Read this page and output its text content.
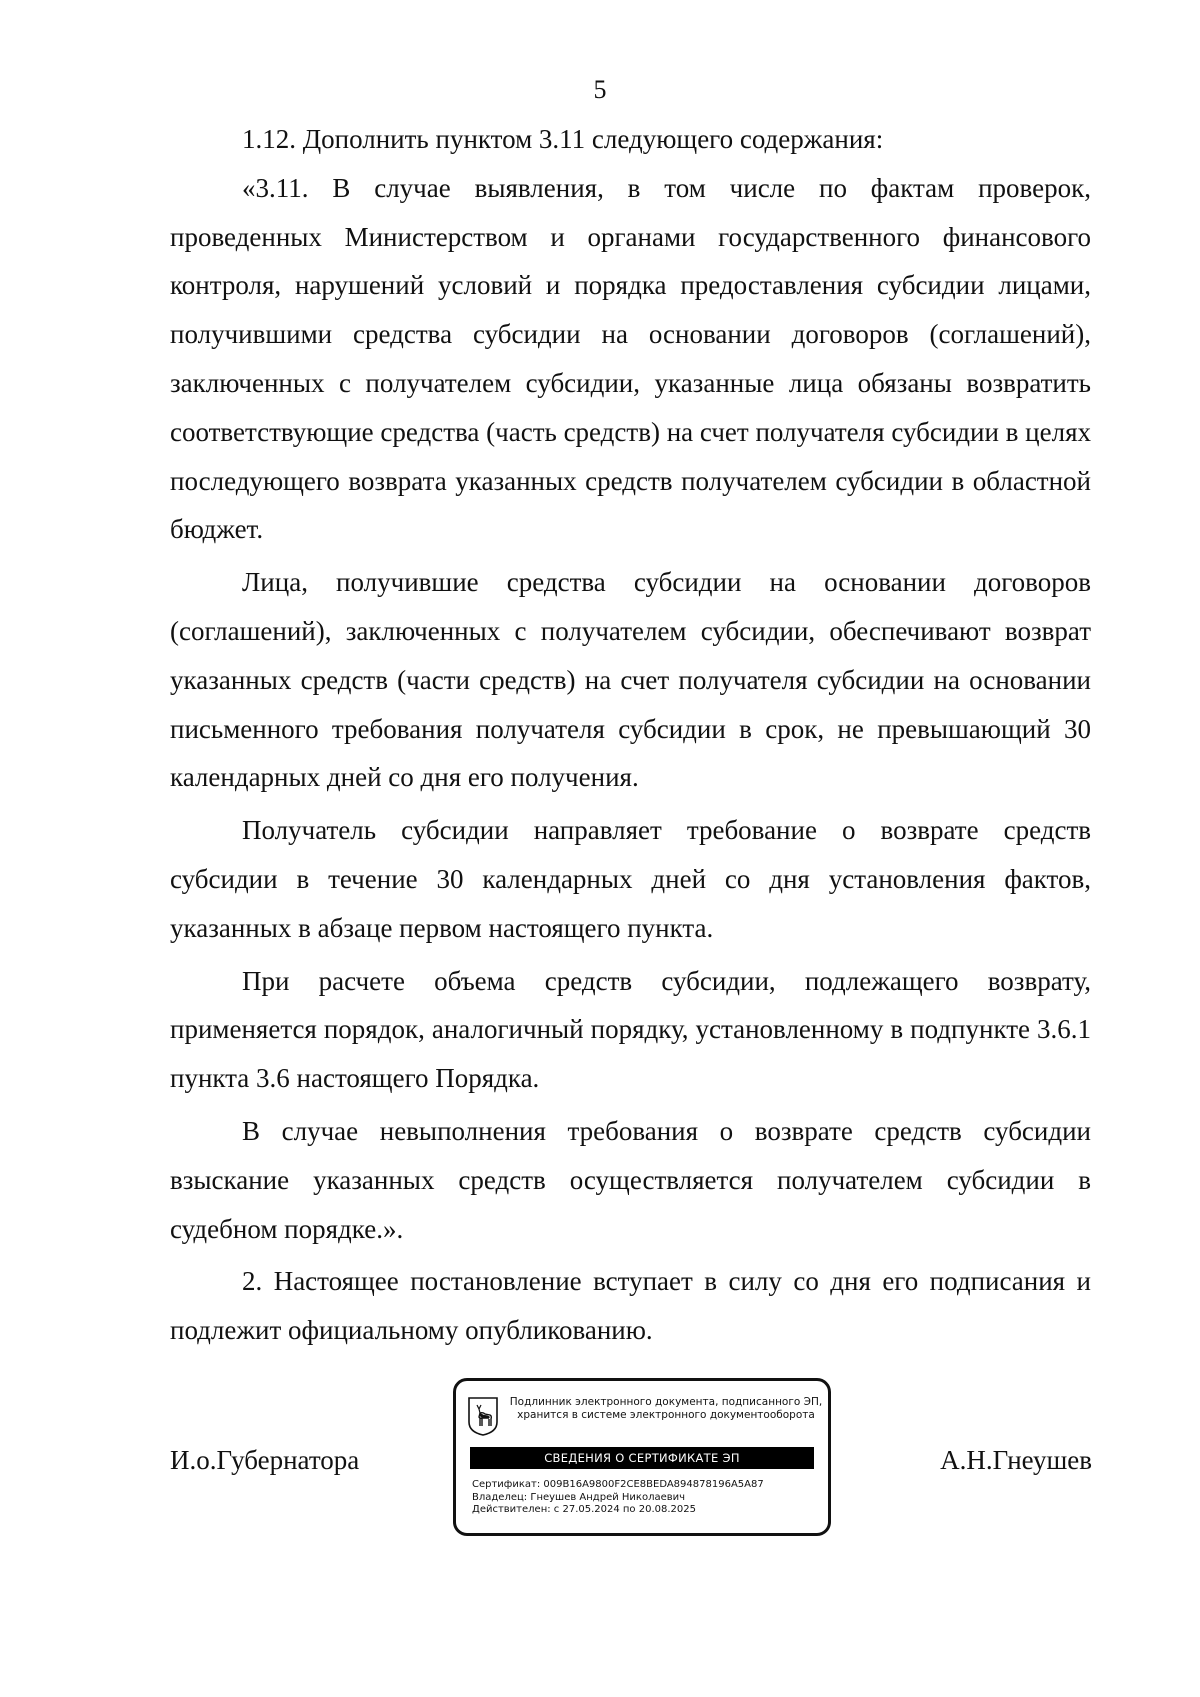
5

1.12. Дополнить пунктом 3.11 следующего содержания:

«3.11. В случае выявления, в том числе по фактам проверок, проведенных Министерством и органами государственного финансового контроля, нарушений условий и порядка предоставления субсидии лицами, получившими средства субсидии на основании договоров (соглашений), заключенных с получателем субсидии, указанные лица обязаны возвратить соответствующие средства (часть средств) на счет получателя субсидии в целях последующего возврата указанных средств получателем субсидии в областной бюджет.

Лица, получившие средства субсидии на основании договоров (соглашений), заключенных с получателем субсидии, обеспечивают возврат указанных средств (части средств) на счет получателя субсидии на основании письменного требования получателя субсидии в срок, не превышающий 30 календарных дней со дня его получения.

Получатель субсидии направляет требование о возврате средств субсидии в течение 30 календарных дней со дня установления фактов, указанных в абзаце первом настоящего пункта.

При расчете объема средств субсидии, подлежащего возврату, применяется порядок, аналогичный порядку, установленному в подпункте 3.6.1 пункта 3.6 настоящего Порядка.

В случае невыполнения требования о возврате средств субсидии взыскание указанных средств осуществляется получателем субсидии в судебном порядке.».

2. Настоящее постановление вступает в силу со дня его подписания и подлежит официальному опубликованию.

И.о.Губернатора	А.Н.Гнеушев
Подлинник электронного документа, подписанного ЭП,
хранится в системе электронного документооборота
СВЕДЕНИЯ О СЕРТИФИКАТЕ ЭП
Сертификат: 009B16A9800F2CE8BEDA894878196A5A87
Владелец: Гнеушев Андрей Николаевич
Действителен: с 27.05.2024 по 20.08.2025
